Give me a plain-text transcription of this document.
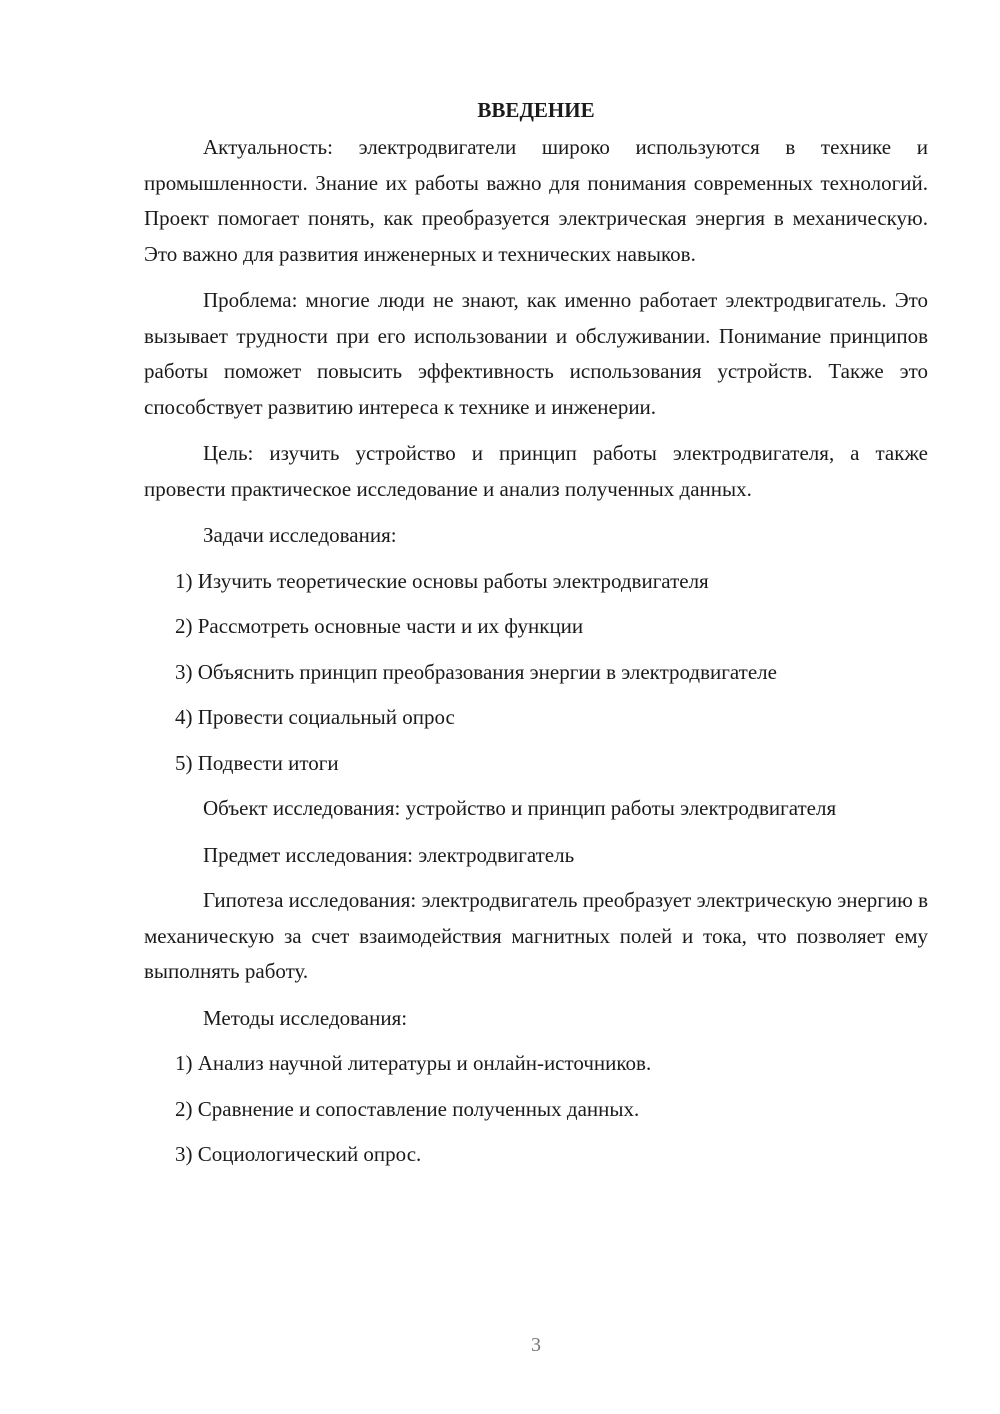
ВВЕДЕНИЕ

Актуальность: электродвигатели широко используются в технике и промышленности. Знание их работы важно для понимания современных технологий. Проект помогает понять, как преобразуется электрическая энергия в механическую. Это важно для развития инженерных и технических навыков.

Проблема: многие люди не знают, как именно работает электродвигатель. Это вызывает трудности при его использовании и обслуживании. Понимание принципов работы поможет повысить эффективность использования устройств. Также это способствует развитию интереса к технике и инженерии.

Цель: изучить устройство и принцип работы электродвигателя, а также провести практическое исследование и анализ полученных данных.

Задачи исследования:
1) Изучить теоретические основы работы электродвигателя
2) Рассмотреть основные части и их функции
3) Объяснить принцип преобразования энергии в электродвигателе
4) Провести социальный опрос
5) Подвести итоги

Объект исследования: устройство и принцип работы электродвигателя

Предмет исследования: электродвигатель

Гипотеза исследования: электродвигатель преобразует электрическую энергию в механическую за счет взаимодействия магнитных полей и тока, что позволяет ему выполнять работу.

Методы исследования:
1) Анализ научной литературы и онлайн-источников.
2) Сравнение и сопоставление полученных данных.
3) Социологический опрос.
3
